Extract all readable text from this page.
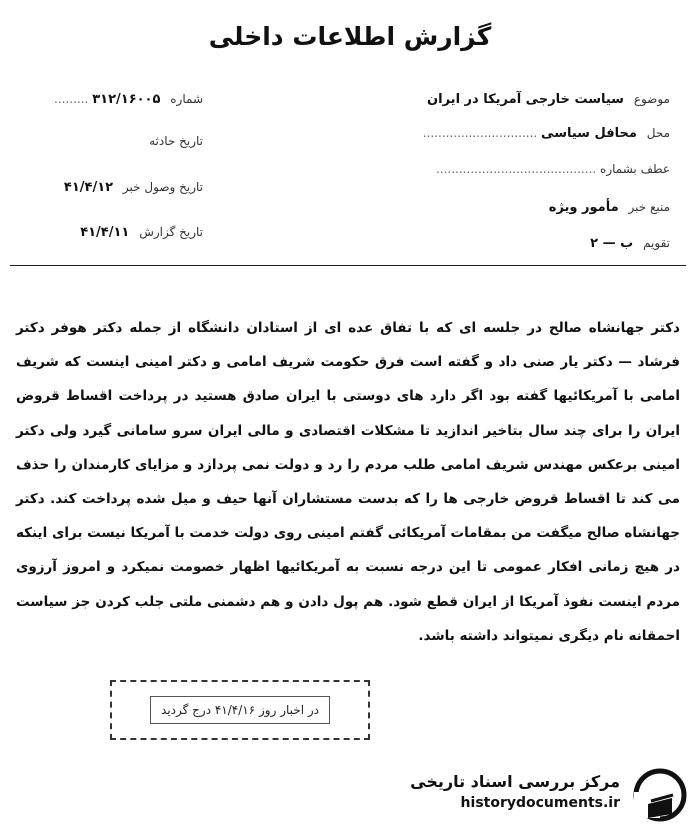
گزارش اطلاعات داخلی
موضوع سیاست خارجی آمریکا در ایران
محل محافل سیاسی ..............................
عطف بشماره ..........................................
منبع خبر مأمور ویژه
تقویم ب — ۲
شماره ۳۱۲/۱۶۰۰۵ .........
تاریخ حادثه
تاریخ وصول خبر ۴۱/۴/۱۲
تاریخ گزارش ۴۱/۴/۱۱
دکتر جهانشاه صالح در جلسه ای که با تفاق عده ای از استادان دانشگاه از جمله دکتر هوفر دکتر فرشاد — دکتر یار صنی داد و گفته است فرق حکومت شریف امامی و دکتر امینی اینست که شریف امامی با آمریکائیها گفته بود اگر دارد های دوستی با ایران صادق هستید در پرداخت اقساط قروض ایران را برای چند سال بتاخیر اندازید تا مشکلات اقتصادی و مالی ایران سرو سامانی گیرد ولی دکتر امینی برعکس مهندس شریف امامی طلب مردم را رد و دولت نمی پردازد و مزایای کارمندان را حذف می کند تا اقساط قروض خارجی ها را که بدست مستشاران آنها حیف و میل شده پرداخت کند. دکتر جهانشاه صالح میگفت من بمقامات آمریکائی گفتم امینی روی دولت خدمت با آمریکا نیست برای اینکه در هیچ زمانی افکار عمومی تا این درجه نسبت به آمریکائیها اظهار خصومت نمیکرد و امروز آرزوی مردم اینست نفوذ آمریکا از ایران قطع شود. هم پول دادن و هم دشمنی ملتی جلب کردن جز سیاست احمقانه نام دیگری نمیتواند داشته باشد.
در اخبار روز ۴۱/۴/۱۶ درج گردید
مرکز بررسی اسناد تاریخی
historydocuments.ir
